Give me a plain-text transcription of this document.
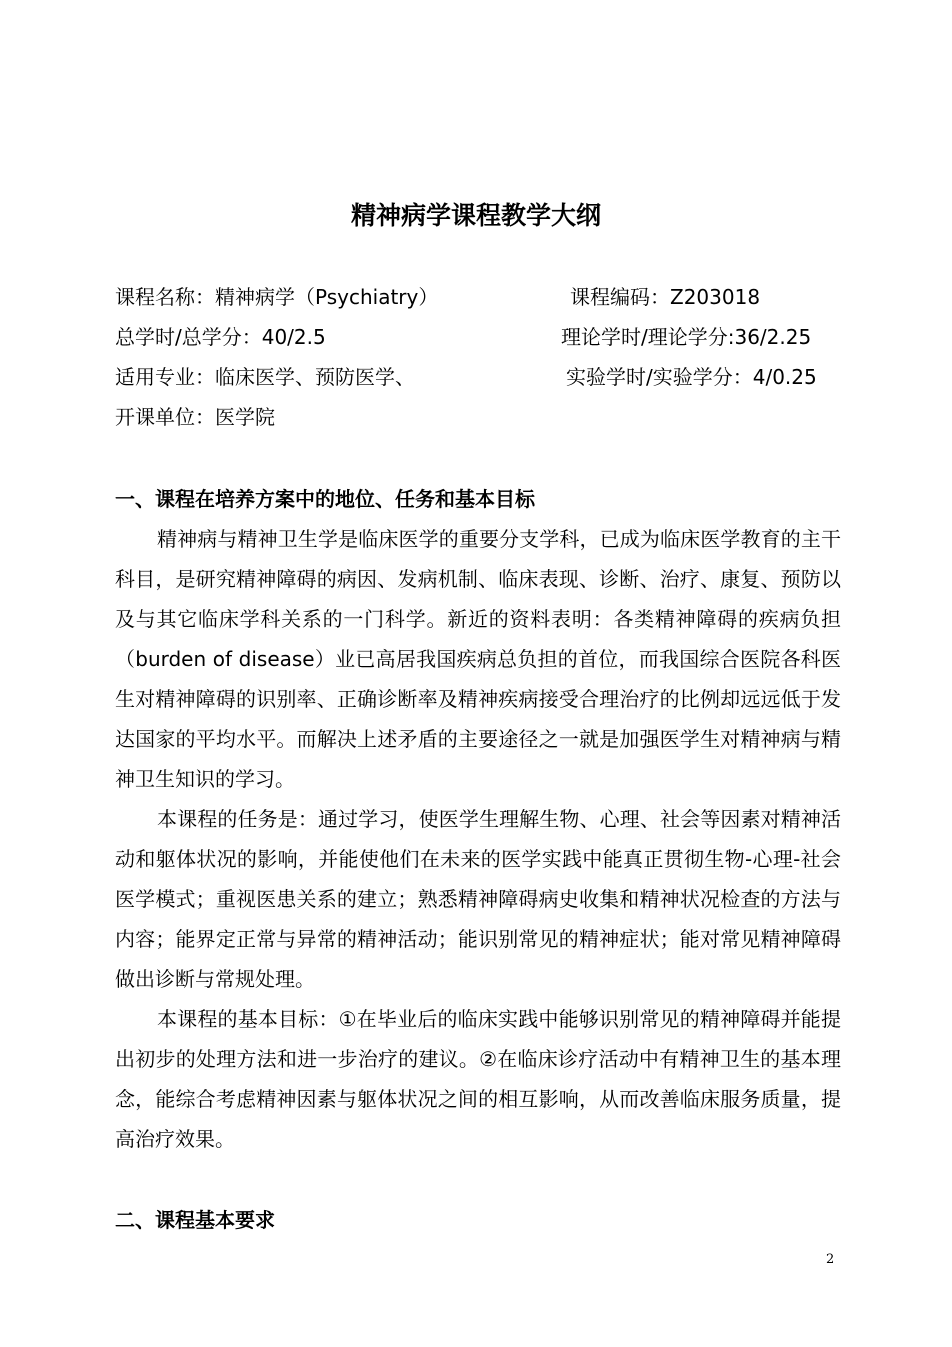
精神病学课程教学大纲
课程名称：精神病学（Psychiatry）	课程编码：Z203018
总学时/总学分：40/2.5	理论学时/理论学分:36/2.25
适用专业：临床医学、预防医学、	实验学时/实验学分：4/0.25
开课单位：医学院
一、课程在培养方案中的地位、任务和基本目标

精神病与精神卫生学是临床医学的重要分支学科，已成为临床医学教育的主干科目，是研究精神障碍的病因、发病机制、临床表现、诊断、治疗、康复、预防以及与其它临床学科关系的一门科学。新近的资料表明：各类精神障碍的疾病负担（burden of disease）业已高居我国疾病总负担的首位，而我国综合医院各科医生对精神障碍的识别率、正确诊断率及精神疾病接受合理治疗的比例却远远低于发达国家的平均水平。而解决上述矛盾的主要途径之一就是加强医学生对精神病与精神卫生知识的学习。

本课程的任务是：通过学习，使医学生理解生物、心理、社会等因素对精神活动和躯体状况的影响，并能使他们在未来的医学实践中能真正贯彻生物-心理-社会医学模式；重视医患关系的建立；熟悉精神障碍病史收集和精神状况检查的方法与内容；能界定正常与异常的精神活动；能识别常见的精神症状；能对常见精神障碍做出诊断与常规处理。

本课程的基本目标：①在毕业后的临床实践中能够识别常见的精神障碍并能提出初步的处理方法和进一步治疗的建议。②在临床诊疗活动中有精神卫生的基本理念，能综合考虑精神因素与躯体状况之间的相互影响，从而改善临床服务质量，提高治疗效果。

二、课程基本要求
2
